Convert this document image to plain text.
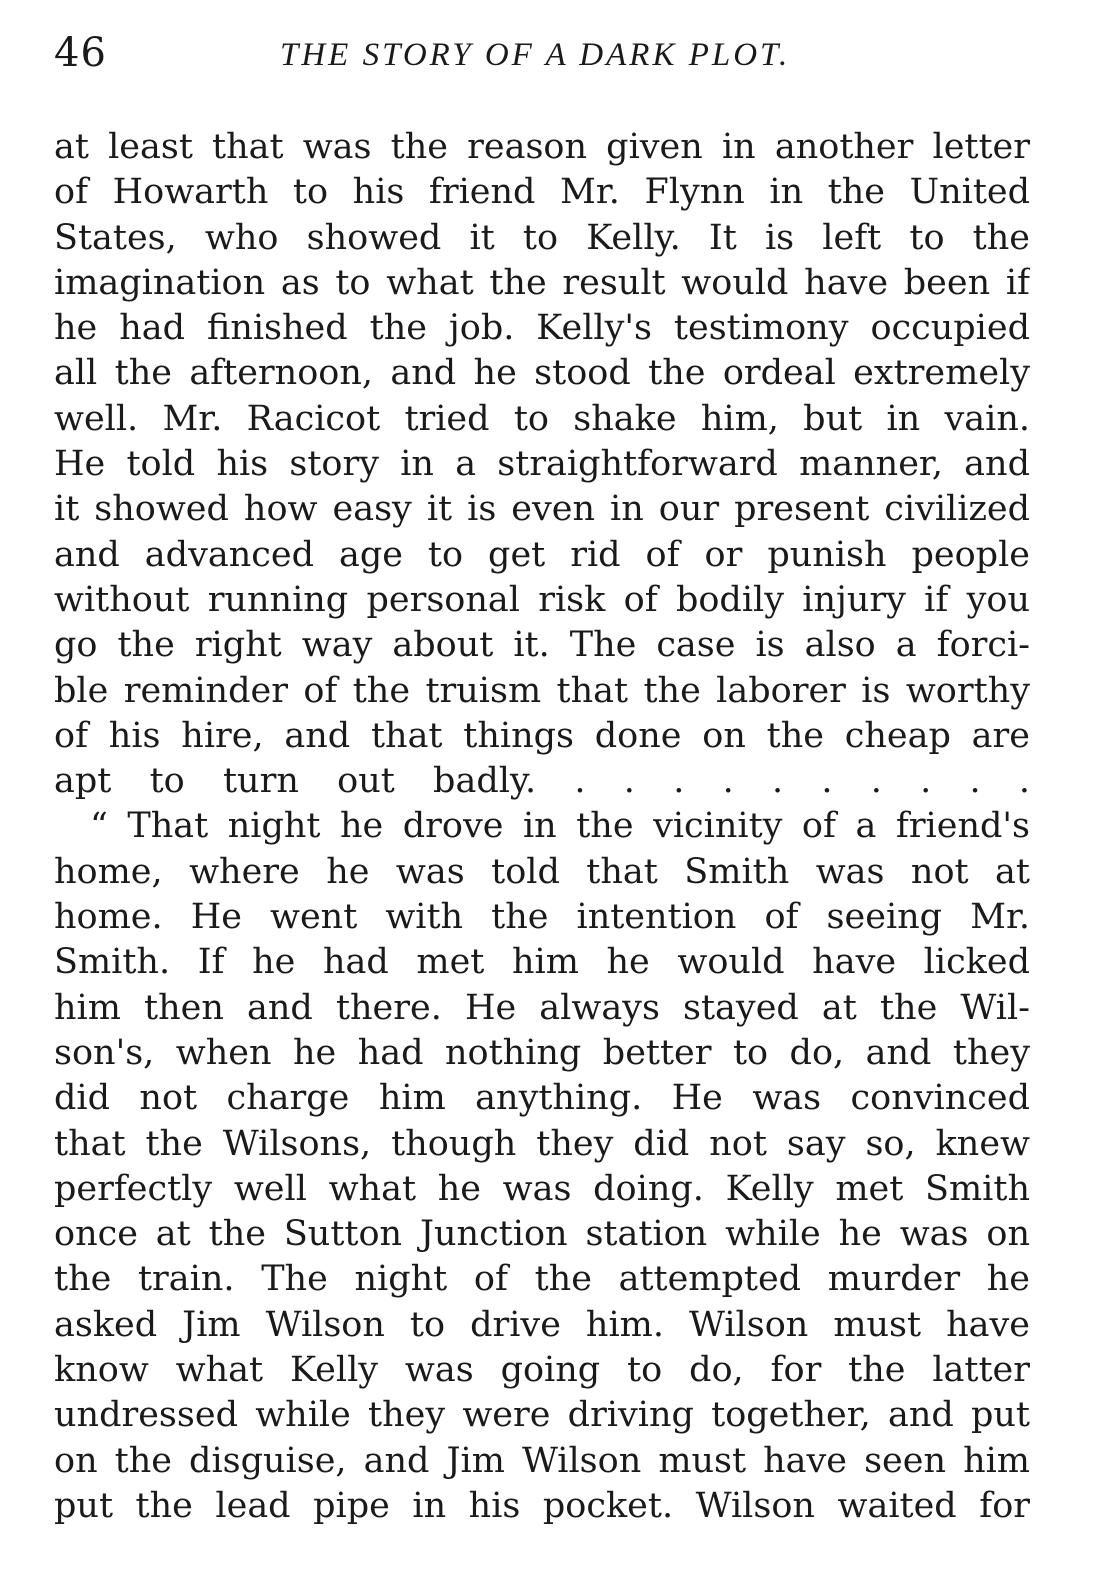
46	THE STORY OF A DARK PLOT.
at least that was the reason given in another letter
of Howarth to his friend Mr. Flynn in the United
States, who showed it to Kelly. It is left to the
imagination as to what the result would have been if
he had finished the job. Kelly's testimony occupied
all the afternoon, and he stood the ordeal extremely
well. Mr. Racicot tried to shake him, but in vain.
He told his story in a straightforward manner, and
it showed how easy it is even in our present civilized
and advanced age to get rid of or punish people
without running personal risk of bodily injury if you
go the right way about it. The case is also a forci-
ble reminder of the truism that the laborer is worthy
of his hire, and that things done on the cheap are
apt to turn out badly. . . . . . . . . . .
“ That night he drove in the vicinity of a friend's
home, where he was told that Smith was not at
home. He went with the intention of seeing Mr.
Smith. If he had met him he would have licked
him then and there. He always stayed at the Wil-
son's, when he had nothing better to do, and they
did not charge him anything. He was convinced
that the Wilsons, though they did not say so, knew
perfectly well what he was doing. Kelly met Smith
once at the Sutton Junction station while he was on
the train. The night of the attempted murder he
asked Jim Wilson to drive him. Wilson must have
know what Kelly was going to do, for the latter
undressed while they were driving together, and put
on the disguise, and Jim Wilson must have seen him
put the lead pipe in his pocket. Wilson waited for
